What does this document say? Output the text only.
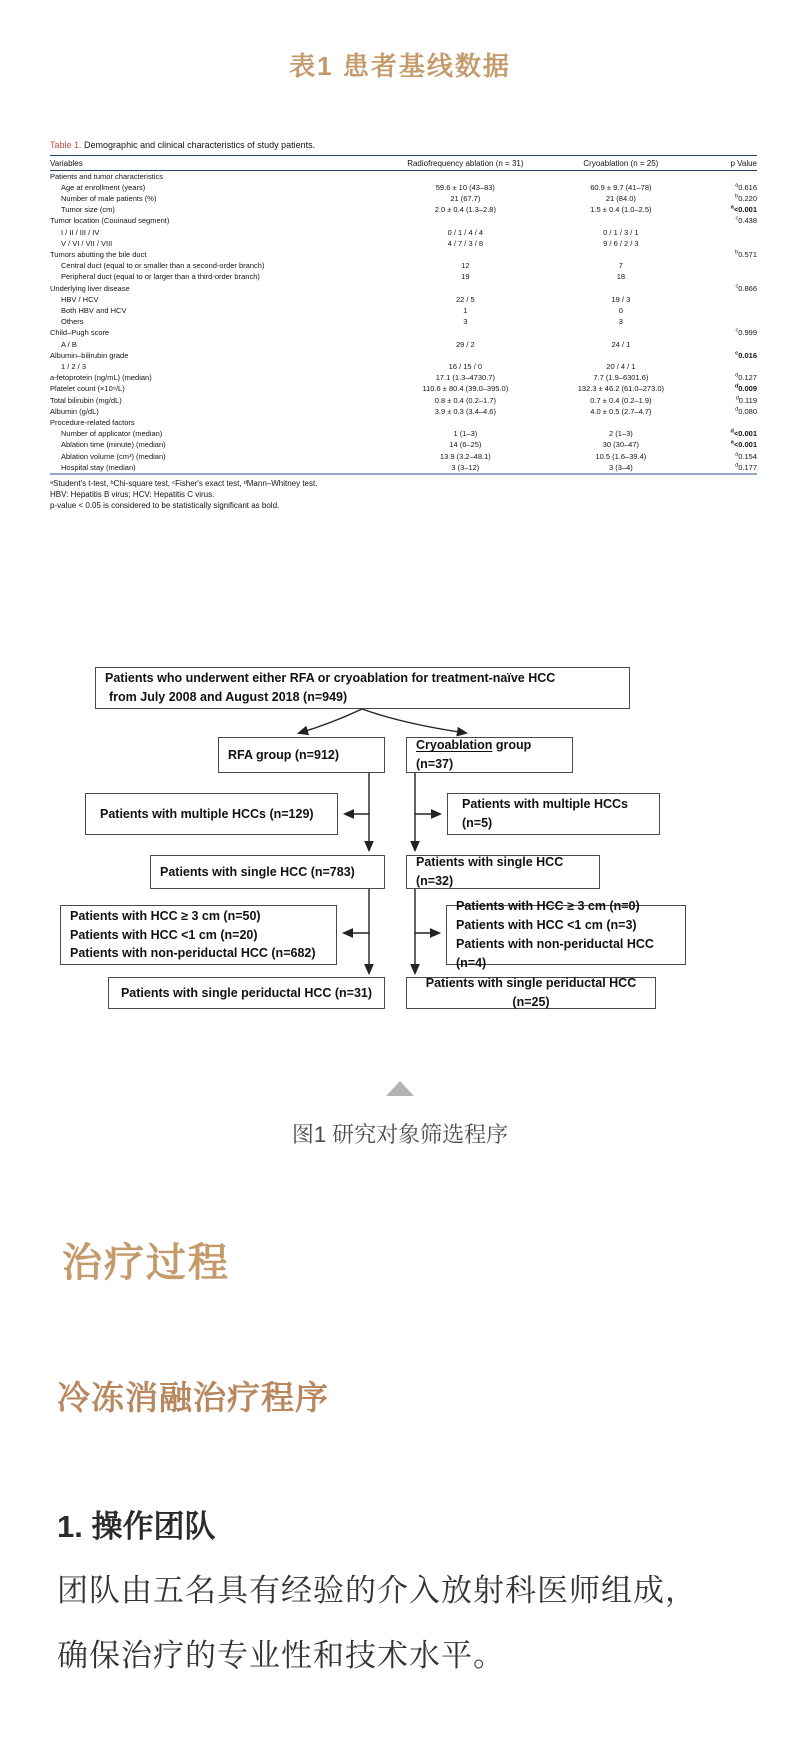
表1 患者基线数据
Table 1. Demographic and clinical characteristics of study patients.
Variables	Radiofrequency ablation (n = 31)	Cryoablation (n = 25)	p Value
Patients and tumor characteristics			
Age at enrollment (years)	59.6 ± 10 (43–83)	60.9 ± 9.7 (41–78)	$^a$0.616
Number of male patients (%)	21 (67.7)	21 (84.0)	$^b$0.220
Tumor size (cm)	2.0 ± 0.4 (1.3–2.8)	1.5 ± 0.4 (1.0–2.5)	$^a$<0.001
Tumor location (Couinaud segment)			$^c$0.438
I / II / III / IV	0 / 1 / 4 / 4	0 / 1 / 3 / 1	
V / VI / VII / VIII	4 / 7 / 3 / 8	9 / 6 / 2 / 3	
Tumors abutting the bile duct			$^b$0.571
Central duct (equal to or smaller than a second-order branch)	12	7	
Peripheral duct (equal to or larger than a third-order branch)	19	18	
Underlying liver disease			$^c$0.866
HBV / HCV	22 / 5	19 / 3	
Both HBV and HCV	1	0	
Others	3	3	
Child–Pugh score			$^c$0.999
A / B	29 / 2	24 / 1	
Albumin–bilirubin grade			$^c$0.016
1 / 2 / 3	16 / 15 / 0	20 / 4 / 1	
a-fetoprotein (ng/mL) (median)	17.1 (1.3–4730.7)	7.7 (1.9–6301.6)	$^d$0.127
Platelet count (×10⁹/L)	110.6 ± 80.4 (39.0–395.0)	132.3 ± 46.2 (61.0–273.0)	$^d$0.009
Total bilirubin (mg/dL)	0.8 ± 0.4 (0.2–1.7)	0.7 ± 0.4 (0.2–1.9)	$^d$0.119
Albumin (g/dL)	3.9 ± 0.3 (3.4–4.6)	4.0 ± 0.5 (2.7–4.7)	$^d$0.080
Procedure-related factors			
Number of applicator (median)	1 (1–3)	2 (1–3)	$^d$<0.001
Ablation time (minute) (median)	14 (6–25)	30 (30–47)	$^a$<0.001
Ablation volume (cm³) (median)	13.9 (3.2–48.1)	10.5 (1.6–39.4)	$^a$0.154
Hospital stay (median)	3 (3–12)	3 (3–4)	$^d$0.177
ᵃStudent's t-test, ᵇChi-square test, ᶜFisher's exact test, ᵈMann–Whitney test.
HBV: Hepatitis B virus; HCV: Hepatitis C virus.
p-value < 0.05 is considered to be statistically significant as bold.
Patients who underwent either RFA or cryoablation for treatment-naïve HCC
from July 2008 and August 2018 (n=949)
RFA group (n=912)
Cryoablation group (n=37)
Patients with multiple HCCs (n=129)
Patients with multiple HCCs (n=5)
Patients with single HCC (n=783)
Patients with single HCC (n=32)
Patients with HCC ≥ 3 cm (n=50)
Patients with HCC <1 cm (n=20)
Patients with non-periductal HCC (n=682)
Patients with HCC ≥ 3 cm (n=0)
Patients with HCC <1 cm (n=3)
Patients with non-periductal HCC (n=4)
Patients with single periductal HCC (n=31)
Patients with single periductal HCC (n=25)
图1 研究对象筛选程序
治疗过程
冷冻消融治疗程序
1. 操作团队
团队由五名具有经验的介入放射科医师组成，确保治疗的专业性和技术水平。
